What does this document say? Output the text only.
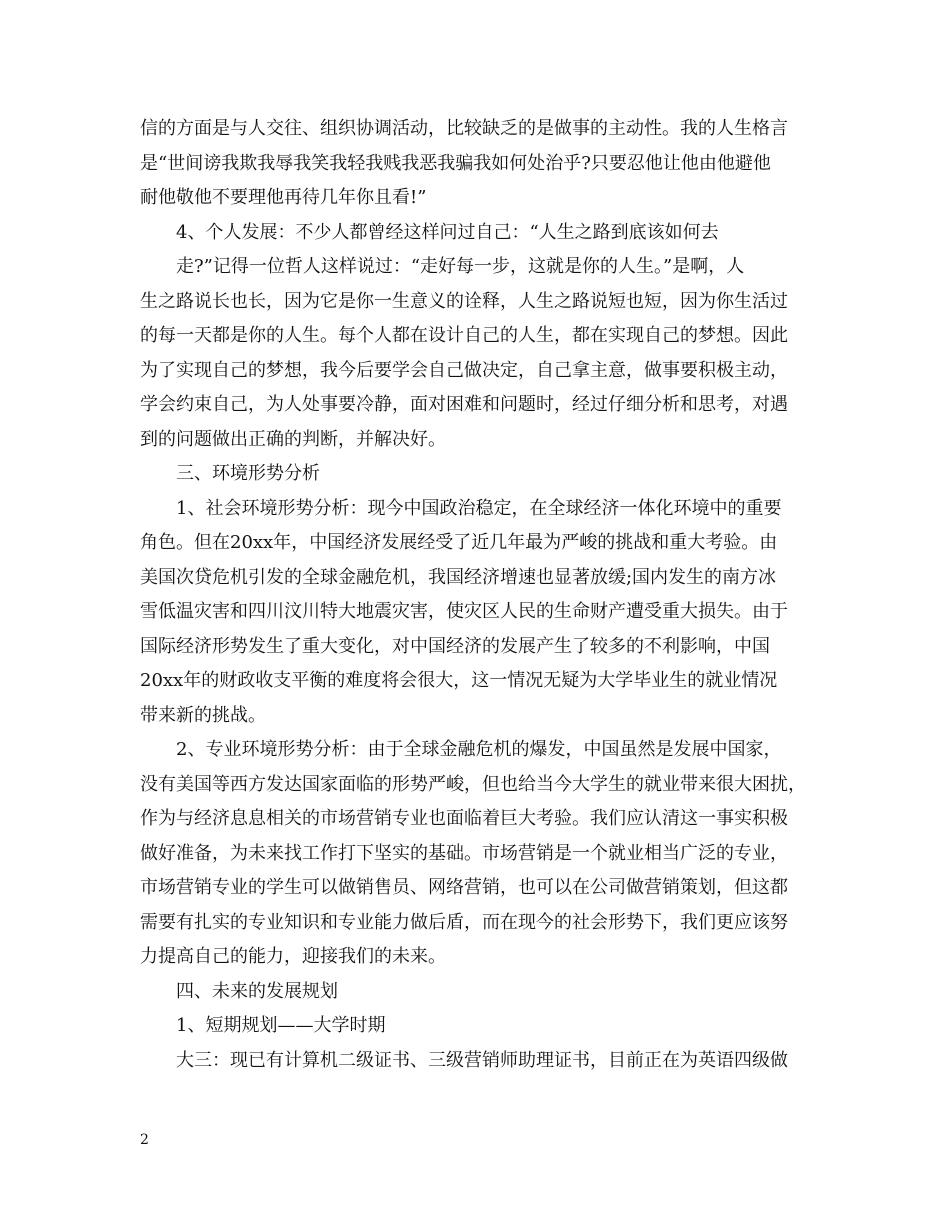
信的方面是与人交往、组织协调活动，比较缺乏的是做事的主动性。我的人生格言
是“世间谤我欺我辱我笑我轻我贱我恶我骗我如何处治乎?只要忍他让他由他避他
耐他敬他不要理他再待几年你且看!”
4、个人发展：不少人都曾经这样问过自己：“人生之路到底该如何去
走?”记得一位哲人这样说过：“走好每一步，这就是你的人生。”是啊，人
生之路说长也长，因为它是你一生意义的诠释，人生之路说短也短，因为你生活过
的每一天都是你的人生。每个人都在设计自己的人生，都在实现自己的梦想。因此
为了实现自己的梦想，我今后要学会自己做决定，自己拿主意，做事要积极主动，
学会约束自己，为人处事要冷静，面对困难和问题时，经过仔细分析和思考，对遇
到的问题做出正确的判断，并解决好。
三、环境形势分析
1、社会环境形势分析：现今中国政治稳定，在全球经济一体化环境中的重要
角色。但在20xx年，中国经济发展经受了近几年最为严峻的挑战和重大考验。由
美国次贷危机引发的全球金融危机，我国经济增速也显著放缓;国内发生的南方冰
雪低温灾害和四川汶川特大地震灾害，使灾区人民的生命财产遭受重大损失。由于
国际经济形势发生了重大变化，对中国经济的发展产生了较多的不利影响，中国
20xx年的财政收支平衡的难度将会很大，这一情况无疑为大学毕业生的就业情况
带来新的挑战。
2、专业环境形势分析：由于全球金融危机的爆发，中国虽然是发展中国家，
没有美国等西方发达国家面临的形势严峻，但也给当今大学生的就业带来很大困扰，
作为与经济息息相关的市场营销专业也面临着巨大考验。我们应认清这一事实积极
做好准备，为未来找工作打下坚实的基础。市场营销是一个就业相当广泛的专业，
市场营销专业的学生可以做销售员、网络营销，也可以在公司做营销策划，但这都
需要有扎实的专业知识和专业能力做后盾，而在现今的社会形势下，我们更应该努
力提高自己的能力，迎接我们的未来。
四、未来的发展规划
1、短期规划——大学时期
大三：现已有计算机二级证书、三级营销师助理证书，目前正在为英语四级做
2
